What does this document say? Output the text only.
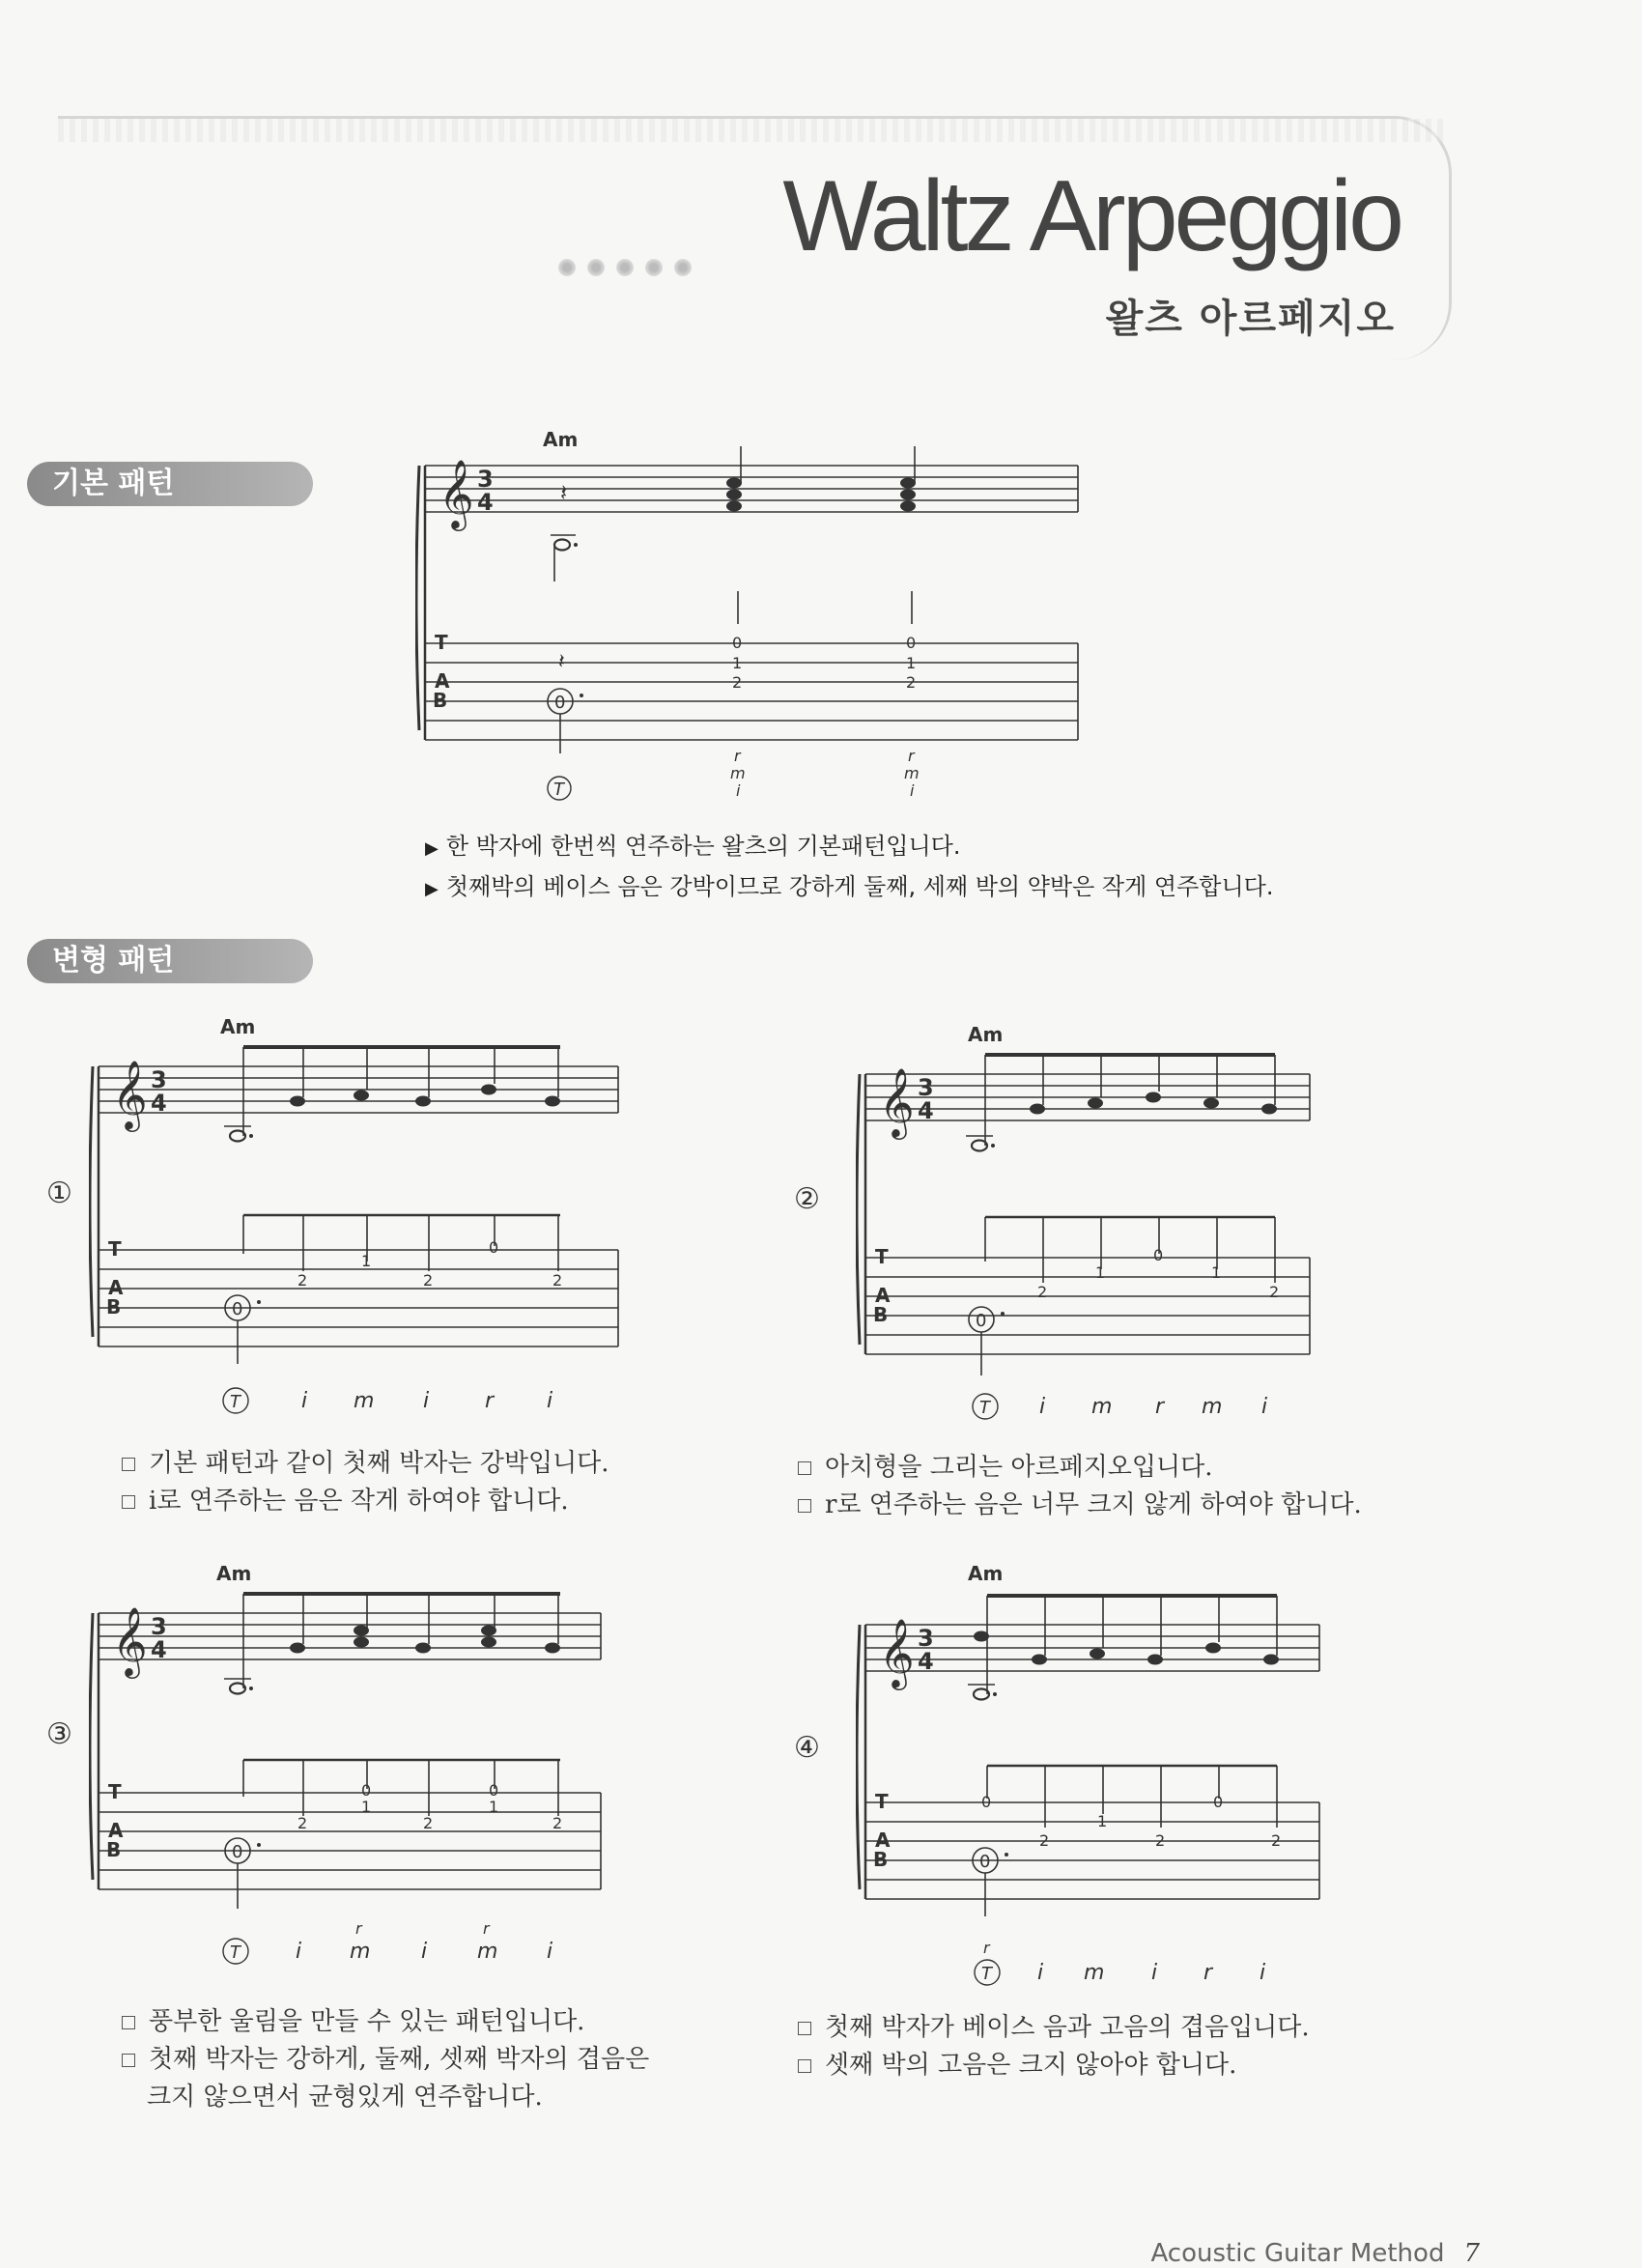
Waltz Arpeggio
왈츠 아르페지오
기본 패턴
Am
𝄞 3
4	𝄽
T
A
B
𝄽
0
0
1
2
0
1
2
T
r
m
i
r
m
i
▶ 한 박자에 한번씩 연주하는 왈츠의 기본패턴입니다.
▶ 첫째박의 베이스 음은 강박이므로 강하게 둘째, 세째 박의 약박은 작게 연주합니다.
변형 패턴
①
Am
𝄞 3
4
T
A
B	0
2
1
2
0
2
T	i m i	r i
기본 패턴과 같이 첫째 박자는 강박입니다.
i로 연주하는 음은 작게 하여야 합니다.
②
Am
𝄞 3
4
T
A
B	0
2
1
0
1
2
T i m r m i
아치형을 그리는 아르페지오입니다.
r로 연주하는 음은 너무 크지 않게 하여야 합니다.
③
Am
𝄞 3
4
T
A
B	0
2
0
1
2
0
1
2
T	i
r
m i
r
m i
풍부한 울림을 만들 수 있는 패턴입니다.
첫째 박자는 강하게, 둘째, 셋째 박자의 겹음은
크지 않으면서 균형있게 연주합니다.
④
Am
𝄞 3
4
T
A
B
0
0
2
1
2
0
2
r
T i m i r i
첫째 박자가 베이스 음과 고음의 겹음입니다.
셋째 박의 고음은 크지 않아야 합니다.
Acoustic Guitar Method 7
